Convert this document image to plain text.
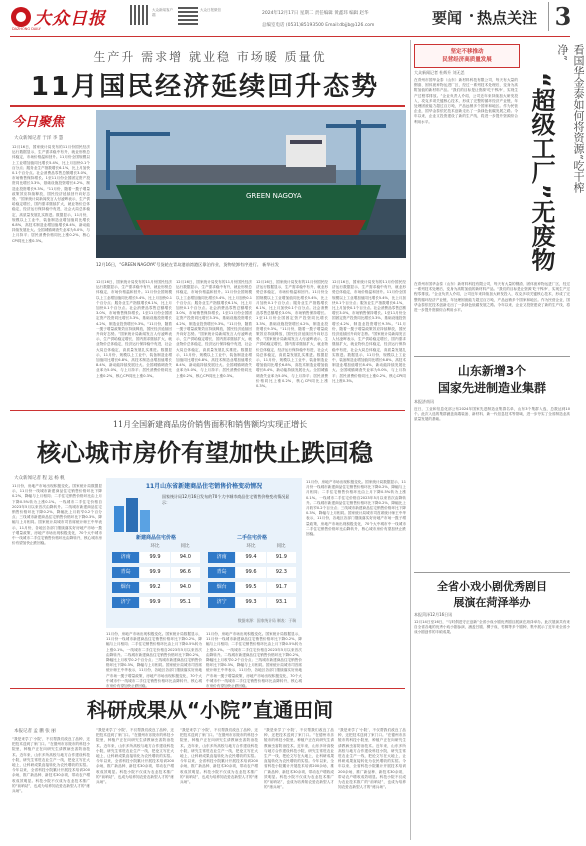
大众日报
DAZHONG DAILY
大众新闻客户端
大众日报微信
2024年12月17日 星期二 责任编辑 黄鑫玮 编辑 赵华
总编室电话 (0531)85193500 Email:dbjjb@126.com	要闻 热点关注 3
生产升 需求增 就业稳 市场暖 质量优
11月国民经济延续回升态势
今日聚焦
大众新闻记者 于洋 李 慧
12月16日，国家统计局发布的11月份国民经济运行数据显示，生产需求稳中有升，就业形势总体稳定，市场价格温和回升。11月份全国规模以上工业增加值同比增长5.4%，比上月加快0.1个百分点；服务业生产指数增长6.1%，比上月加快0.1个百分点。社会消费品零售总额增长3.0%，市场销售保持增长。1至11月份全国固定资产投资同比增长3.3%，基础设施投资增长4.2%，制造业投资增长9.3%。“11月份，随着一揽子增量政策效应持续释放，国民经济延续回升向好态势。”国家统计局新闻发言人付凌晖表示，生产供给稳定增长，国内需求继续扩大，就业物价总体稳定，经济运行保持稳中有进，社会大局总体稳定，高质量发展扎实推进。数据显示，11月份，规模以上工业中，装备制造业增加值同比增长6.8%，高技术制造业增加值增长8.4%，新动能持续发展壮大。全国城镇调查失业率为5.0%，与上月持平；居民消费价格同比上涨0.2%，核心CPI同比上涨0.3%。
GREEN NAGOYA
12月16日，“GREEN NAGOYA”号货轮在青岛港前湾港区靠泊作业，货物装卸有序进行。 新华社发
12月16日，国家统计局发布的11月份国民经济运行数据显示，生产需求稳中有升，就业形势总体稳定，市场价格温和回升。11月份全国规模以上工业增加值同比增长5.4%，比上月加快0.1个百分点；服务业生产指数增长6.1%，比上月加快0.1个百分点。社会消费品零售总额增长3.0%，市场销售保持增长。1至11月份全国固定资产投资同比增长3.3%，基础设施投资增长4.2%，制造业投资增长9.3%。“11月份，随着一揽子增量政策效应持续释放，国民经济延续回升向好态势。”国家统计局新闻发言人付凌晖表示，生产供给稳定增长，国内需求继续扩大，就业物价总体稳定，经济运行保持稳中有进，社会大局总体稳定，高质量发展扎实推进。数据显示，11月份，规模以上工业中，装备制造业增加值同比增长6.8%，高技术制造业增加值增长8.4%，新动能持续发展壮大。全国城镇调查失业率为5.0%，与上月持平；居民消费价格同比上涨0.2%，核心CPI同比上涨0.3%。
12月16日，国家统计局发布的11月份国民经济运行数据显示，生产需求稳中有升，就业形势总体稳定，市场价格温和回升。11月份全国规模以上工业增加值同比增长5.4%，比上月加快0.1个百分点；服务业生产指数增长6.1%，比上月加快0.1个百分点。社会消费品零售总额增长3.0%，市场销售保持增长。1至11月份全国固定资产投资同比增长3.3%，基础设施投资增长4.2%，制造业投资增长9.3%。“11月份，随着一揽子增量政策效应持续释放，国民经济延续回升向好态势。”国家统计局新闻发言人付凌晖表示，生产供给稳定增长，国内需求继续扩大，就业物价总体稳定，经济运行保持稳中有进，社会大局总体稳定，高质量发展扎实推进。数据显示，11月份，规模以上工业中，装备制造业增加值同比增长6.8%，高技术制造业增加值增长8.4%，新动能持续发展壮大。全国城镇调查失业率为5.0%，与上月持平；居民消费价格同比上涨0.2%，核心CPI同比上涨0.3%。
12月16日，国家统计局发布的11月份国民经济运行数据显示，生产需求稳中有升，就业形势总体稳定，市场价格温和回升。11月份全国规模以上工业增加值同比增长5.4%，比上月加快0.1个百分点；服务业生产指数增长6.1%，比上月加快0.1个百分点。社会消费品零售总额增长3.0%，市场销售保持增长。1至11月份全国固定资产投资同比增长3.3%，基础设施投资增长4.2%，制造业投资增长9.3%。“11月份，随着一揽子增量政策效应持续释放，国民经济延续回升向好态势。”国家统计局新闻发言人付凌晖表示，生产供给稳定增长，国内需求继续扩大，就业物价总体稳定，经济运行保持稳中有进，社会大局总体稳定，高质量发展扎实推进。数据显示，11月份，规模以上工业中，装备制造业增加值同比增长6.8%，高技术制造业增加值增长8.4%，新动能持续发展壮大。全国城镇调查失业率为5.0%，与上月持平；居民消费价格同比上涨0.2%，核心CPI同比上涨0.3%。
12月16日，国家统计局发布的11月份国民经济运行数据显示，生产需求稳中有升，就业形势总体稳定，市场价格温和回升。11月份全国规模以上工业增加值同比增长5.4%，比上月加快0.1个百分点；服务业生产指数增长6.1%，比上月加快0.1个百分点。社会消费品零售总额增长3.0%，市场销售保持增长。1至11月份全国固定资产投资同比增长3.3%，基础设施投资增长4.2%，制造业投资增长9.3%。“11月份，随着一揽子增量政策效应持续释放，国民经济延续回升向好态势。”国家统计局新闻发言人付凌晖表示，生产供给稳定增长，国内需求继续扩大，就业物价总体稳定，经济运行保持稳中有进，社会大局总体稳定，高质量发展扎实推进。数据显示，11月份，规模以上工业中，装备制造业增加值同比增长6.8%，高技术制造业增加值增长8.4%，新动能持续发展壮大。全国城镇调查失业率为5.0%，与上月持平；居民消费价格同比上涨0.2%，核心CPI同比上涨0.3%。
11月全国新建商品房价销售面积和销售额均实现正增长
核心城市房价有望加快止跌回稳
大众新闻记者 程 远 杨 帆
11月份，房地产市场出现积极变化。国家统计局数据显示，11月份一线城市新建商品住宅销售价格环比下降0.2%，降幅与上月相同；二手住宅销售价格环比由上月下降0.5%转为上涨0.1%。一线城市二手住宅价格自2023年5月以来首次由降转升。二线城市新建商品住宅销售价格环比下降0.2%，降幅比上月收窄0.2个百分点；三线城市新建商品住宅销售价格环比下降0.3%，降幅与上月相同。国家统计局城市司首席统计师王中华表示，11月份，各地区各部门继续落实好房地产市场一揽子增量政策，房地产市场出现积极变化，70个大中城市中一线城市二手住宅销售价格环比由降转升，核心城市房价有望加快止跌回稳。
11月山东省新建商品住宅销售价格变动情况
国家统计局12月16日发布的70个大中城市商品住宅销售价格变动情况显示：
新建商品住宅价格
环比	同比
济南	99.9	94.0
青岛	99.9	96.6
烟台	99.2	94.0
济宁	99.9	95.1
二手住宅价格
环比	同比
济南	99.4	91.9
青岛	99.6	92.3
烟台	99.5	91.7
济宁	99.3	93.1
数据来源：国家统计局 制表：于瑞
11月份，房地产市场出现积极变化。国家统计局数据显示，11月份一线城市新建商品住宅销售价格环比下降0.2%，降幅与上月相同；二手住宅销售价格环比由上月下降0.5%转为上涨0.1%。一线城市二手住宅价格自2023年5月以来首次由降转升。二线城市新建商品住宅销售价格环比下降0.2%，降幅比上月收窄0.2个百分点；三线城市新建商品住宅销售价格环比下降0.3%，降幅与上月相同。国家统计局城市司首席统计师王中华表示，11月份，各地区各部门继续落实好房地产市场一揽子增量政策，房地产市场出现积极变化，70个大中城市中一线城市二手住宅销售价格环比由降转升，核心城市房价有望加快止跌回稳。
11月份，房地产市场出现积极变化。国家统计局数据显示，11月份一线城市新建商品住宅销售价格环比下降0.2%，降幅与上月相同；二手住宅销售价格环比由上月下降0.5%转为上涨0.1%。一线城市二手住宅价格自2023年5月以来首次由降转升。二线城市新建商品住宅销售价格环比下降0.2%，降幅比上月收窄0.2个百分点；三线城市新建商品住宅销售价格环比下降0.3%，降幅与上月相同。国家统计局城市司首席统计师王中华表示，11月份，各地区各部门继续落实好房地产市场一揽子增量政策，房地产市场出现积极变化，70个大中城市中一线城市二手住宅销售价格环比由降转升，核心城市房价有望加快止跌回稳。
11月份，房地产市场出现积极变化。国家统计局数据显示，11月份一线城市新建商品住宅销售价格环比下降0.2%，降幅与上月相同；二手住宅销售价格环比由上月下降0.5%转为上涨0.1%。一线城市二手住宅价格自2023年5月以来首次由降转升。二线城市新建商品住宅销售价格环比下降0.2%，降幅比上月收窄0.2个百分点；三线城市新建商品住宅销售价格环比下降0.3%，降幅与上月相同。国家统计局城市司首席统计师王中华表示，11月份，各地区各部门继续落实好房地产市场一揽子增量政策，房地产市场出现积极变化，70个大中城市中一线城市二手住宅销售价格环比由降转升，核心城市房价有望加快止跌回稳。
科研成果从“小院”直通田间
本报记者 孟 鹏 张 丽
“我是来学了‘小院’，不仅帮我们改良了品种，还把技术送到了家门口。”在德州市乐陵市的科技小院里，种植户正在向研究生请教病虫害防治技术。近年来，山东多所高校与地方合作建设科技小院，研究生常驻农业生产一线，把论文写在大地上，让科研成果直接转化为农民增收的实招。今年以来，全省科技小院累计开展技术培训200余场，推广新品种、新技术30余项，带动农户增收成效明显。科技小院不仅成为农业技术推广的“前哨站”，也成为培养知农爱农新型人才的“练兵场”。
“我是来学了‘小院’，不仅帮我们改良了品种，还把技术送到了家门口。”在德州市乐陵市的科技小院里，种植户正在向研究生请教病虫害防治技术。近年来，山东多所高校与地方合作建设科技小院，研究生常驻农业生产一线，把论文写在大地上，让科研成果直接转化为农民增收的实招。今年以来，全省科技小院累计开展技术培训200余场，推广新品种、新技术30余项，带动农户增收成效明显。科技小院不仅成为农业技术推广的“前哨站”，也成为培养知农爱农新型人才的“练兵场”。
“我是来学了‘小院’，不仅帮我们改良了品种，还把技术送到了家门口。”在德州市乐陵市的科技小院里，种植户正在向研究生请教病虫害防治技术。近年来，山东多所高校与地方合作建设科技小院，研究生常驻农业生产一线，把论文写在大地上，让科研成果直接转化为农民增收的实招。今年以来，全省科技小院累计开展技术培训200余场，推广新品种、新技术30余项，带动农户增收成效明显。科技小院不仅成为农业技术推广的“前哨站”，也成为培养知农爱农新型人才的“练兵场”。
“我是来学了‘小院’，不仅帮我们改良了品种，还把技术送到了家门口。”在德州市乐陵市的科技小院里，种植户正在向研究生请教病虫害防治技术。近年来，山东多所高校与地方合作建设科技小院，研究生常驻农业生产一线，把论文写在大地上，让科研成果直接转化为农民增收的实招。今年以来，全省科技小院累计开展技术培训200余场，推广新品种、新技术30余项，带动农户增收成效明显。科技小院不仅成为农业技术推广的“前哨站”，也成为培养知农爱农新型人才的“练兵场”。
“我是来学了‘小院’，不仅帮我们改良了品种，还把技术送到了家门口。”在德州市乐陵市的科技小院里，种植户正在向研究生请教病虫害防治技术。近年来，山东多所高校与地方合作建设科技小院，研究生常驻农业生产一线，把论文写在大地上，让科研成果直接转化为农民增收的实招。今年以来，全省科技小院累计开展技术培训200余场，推广新品种、新技术30余项，带动农户增收成效明显。科技小院不仅成为农业技术推广的“前哨站”，也成为培养知农爱农新型人才的“练兵场”。
坚定不移推动
民营经济高质量发展
大众新闻记者 杜辉升 刘无恙	看国华金泰如何将资源“吃干榨净”
“超级工厂”无废物
在青州市国华金泰（山东）新材料科技有限公司，每天有大量的钢渣、固体废弃物运进厂区，经过一系列技术处理后，变身为高附加值的新材料产品。“我们的目标是让资源‘吃干榨净’，实现生产过程零排放。”企业负责人介绍，公司近年来持续加大研发投入，攻克多项关键核心技术，形成了完整的循环经济产业链，年处理固废能力超过百万吨，产品远销多个国家和地区。作为民营企业，国华金泰依托技术创新走出了一条绿色低碳发展之路。今年以来，企业又投资建设了新的生产线，将进一步提升资源综合利用水平。
在青州市国华金泰（山东）新材料科技有限公司，每天有大量的钢渣、固体废弃物运进厂区，经过一系列技术处理后，变身为高附加值的新材料产品。“我们的目标是让资源‘吃干榨净’，实现生产过程零排放。”企业负责人介绍，公司近年来持续加大研发投入，攻克多项关键核心技术，形成了完整的循环经济产业链，年处理固废能力超过百万吨，产品远销多个国家和地区。作为民营企业，国华金泰依托技术创新走出了一条绿色低碳发展之路。今年以来，企业又投资建设了新的生产线，将进一步提升资源综合利用水平。
山东新增3个
国家先进制造业集群
本报济南讯
近日，工业和信息化部公布2024年国家先进制造业集群名单，山东3个集群入选，总数达到10个。此次入选的集群涵盖高端装备、新材料、新一代信息技术等领域，进一步夯实了全省制造业高质量发展的基础。
全省小戏小剧优秀剧目
展演在菏泽举办
本报菏泽12月16日讯
12月14日至16日，“与时俱进守正创新”全省小戏小剧优秀剧目展演在菏泽举办。此次展演共有来自全省各地的优秀小戏小剧参演，涵盖吕剧、柳子戏、枣梆等多个剧种，集中展示了近年来全省小戏小剧创作的丰硕成果。
